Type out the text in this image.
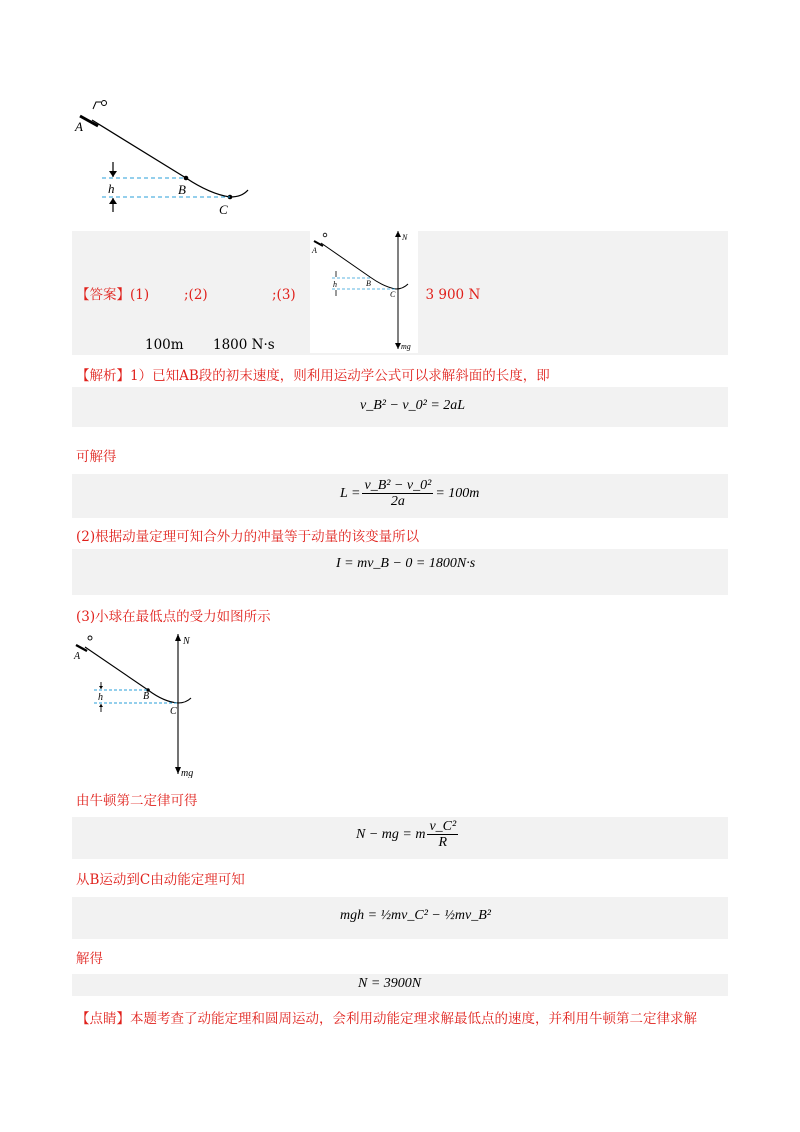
A
B
C
h
【答案】(1)	;(2)	;(3)	，3 900 N
100m 1800 N·s
A
B
C
h
N
mg
【解析】1）已知AB段的初末速度，则利用运动学公式可以求解斜面的长度，即
v_B² − v_0² = 2aL
可解得
$L = \frac{\text{v\_B² − v\_0²}}{2a} = 100m$
(2)根据动量定理可知合外力的冲量等于动量的该变量所以
I = mv_B − 0 = 1800N·s
(3)小球在最低点的受力如图所示
A
B
C
h
N
mg
由牛顿第二定律可得
N − mg = m $\frac{\text{v\_C²}}{R}$
从B运动到C由动能定理可知
mgh = ½mv_C² − ½mv_B²
解得
N = 3900N
【点睛】本题考查了动能定理和圆周运动，会利用动能定理求解最低点的速度，并利用牛顿第二定律求解
